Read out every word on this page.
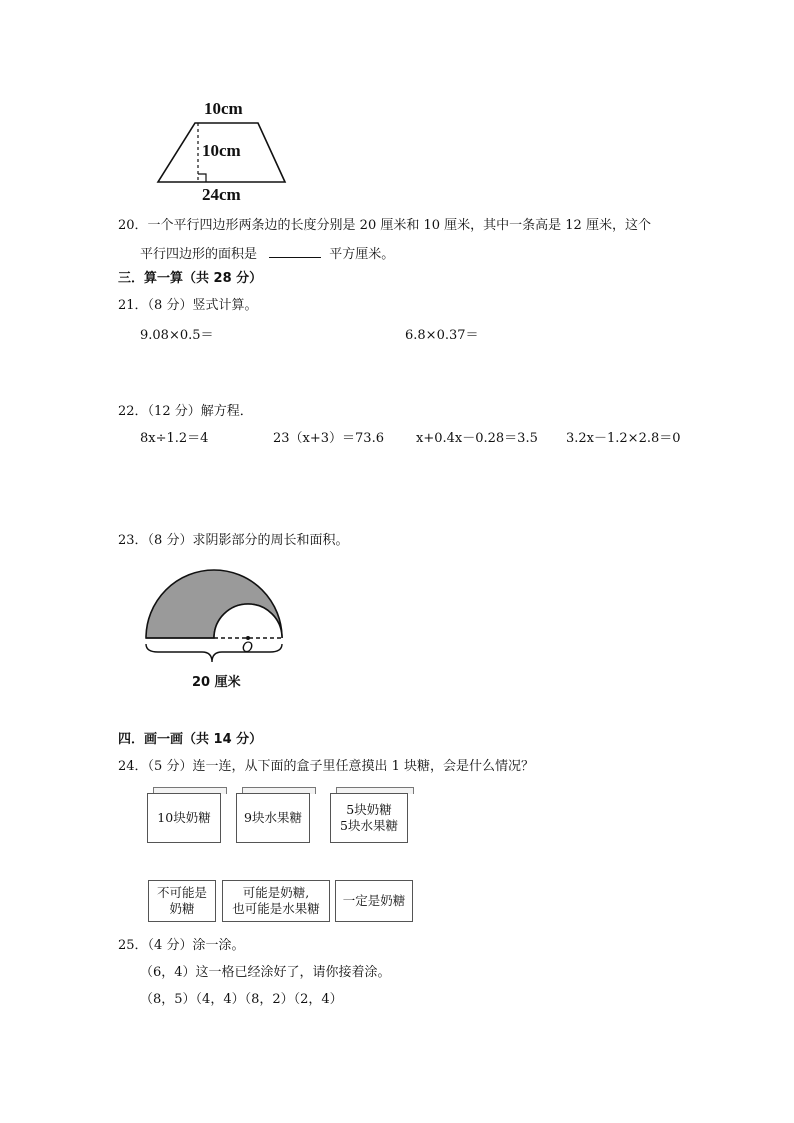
10cm
10cm
24cm
20．一个平行四边形两条边的长度分别是 20 厘米和 10 厘米，其中一条高是 12 厘米，这个
平行四边形的面积是	平方厘米。
三．算一算（共 28 分）
21．（8 分）竖式计算。
9.08×0.5＝	6.8×0.37＝
22．（12 分）解方程．
8x÷1.2＝4	23（x+3）＝73.6 x+0.4x－0.28＝3.5 3.2x－1.2×2.8＝0
23．（8 分）求阴影部分的周长和面积。
O
20 厘米
四．画一画（共 14 分）
24．（5 分）连一连，从下面的盒子里任意摸出 1 块糖，会是什么情况？
10块奶糖	9块水果糖
5块奶糖
5块水果糖
不可能是
奶糖
可能是奶糖,
也可能是水果糖
一定是奶糖
25．（4 分）涂一涂。
（6，4）这一格已经涂好了，请你接着涂。
（8，5）（4，4）（8，2）（2，4）
